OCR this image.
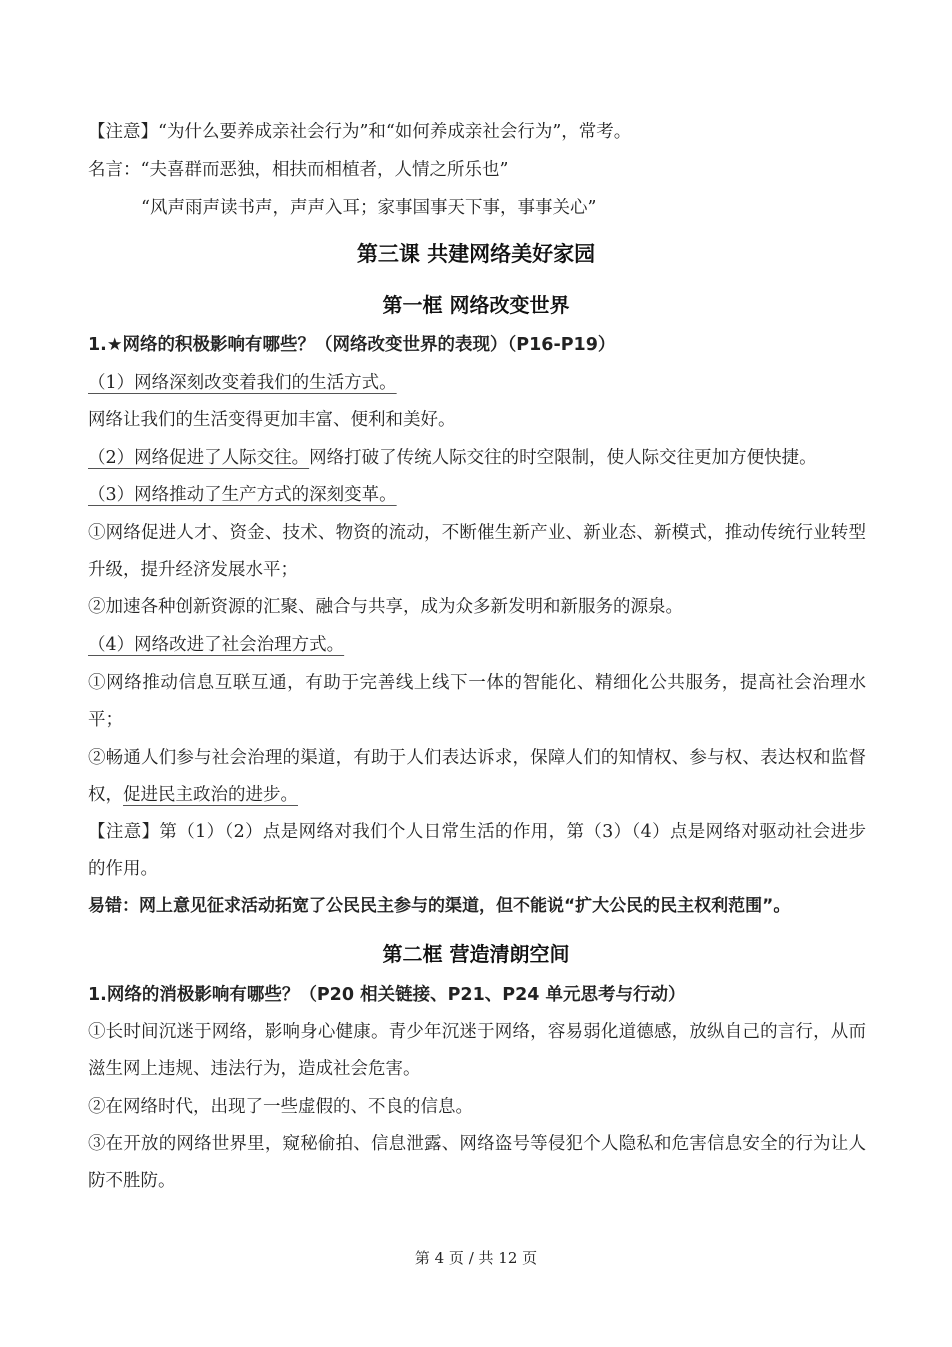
【注意】“为什么要养成亲社会行为”和“如何养成亲社会行为”，常考。
名言：“夫喜群而恶独，相扶而相植者，人情之所乐也”
“风声雨声读书声，声声入耳；家事国事天下事，事事关心”
第三课 共建网络美好家园
第一框 网络改变世界
1.★网络的积极影响有哪些？（网络改变世界的表现）（P16-P19）
（1）网络深刻改变着我们的生活方式。
网络让我们的生活变得更加丰富、便利和美好。
（2）网络促进了人际交往。网络打破了传统人际交往的时空限制，使人际交往更加方便快捷。
（3）网络推动了生产方式的深刻变革。
①网络促进人才、资金、技术、物资的流动，不断催生新产业、新业态、新模式，推动传统行业转型升级，提升经济发展水平；
②加速各种创新资源的汇聚、融合与共享，成为众多新发明和新服务的源泉。
（4）网络改进了社会治理方式。
①网络推动信息互联互通，有助于完善线上线下一体的智能化、精细化公共服务，提高社会治理水平；
②畅通人们参与社会治理的渠道，有助于人们表达诉求，保障人们的知情权、参与权、表达权和监督权，促进民主政治的进步。
【注意】第（1）（2）点是网络对我们个人日常生活的作用，第（3）（4）点是网络对驱动社会进步的作用。
易错：网上意见征求活动拓宽了公民民主参与的渠道，但不能说“扩大公民的民主权利范围”。
第二框 营造清朗空间
1.网络的消极影响有哪些？（P20 相关链接、P21、P24 单元思考与行动）
①长时间沉迷于网络，影响身心健康。青少年沉迷于网络，容易弱化道德感，放纵自己的言行，从而滋生网上违规、违法行为，造成社会危害。
②在网络时代，出现了一些虚假的、不良的信息。
③在开放的网络世界里，窥秘偷拍、信息泄露、网络盗号等侵犯个人隐私和危害信息安全的行为让人防不胜防。
第 4 页 / 共 12 页
